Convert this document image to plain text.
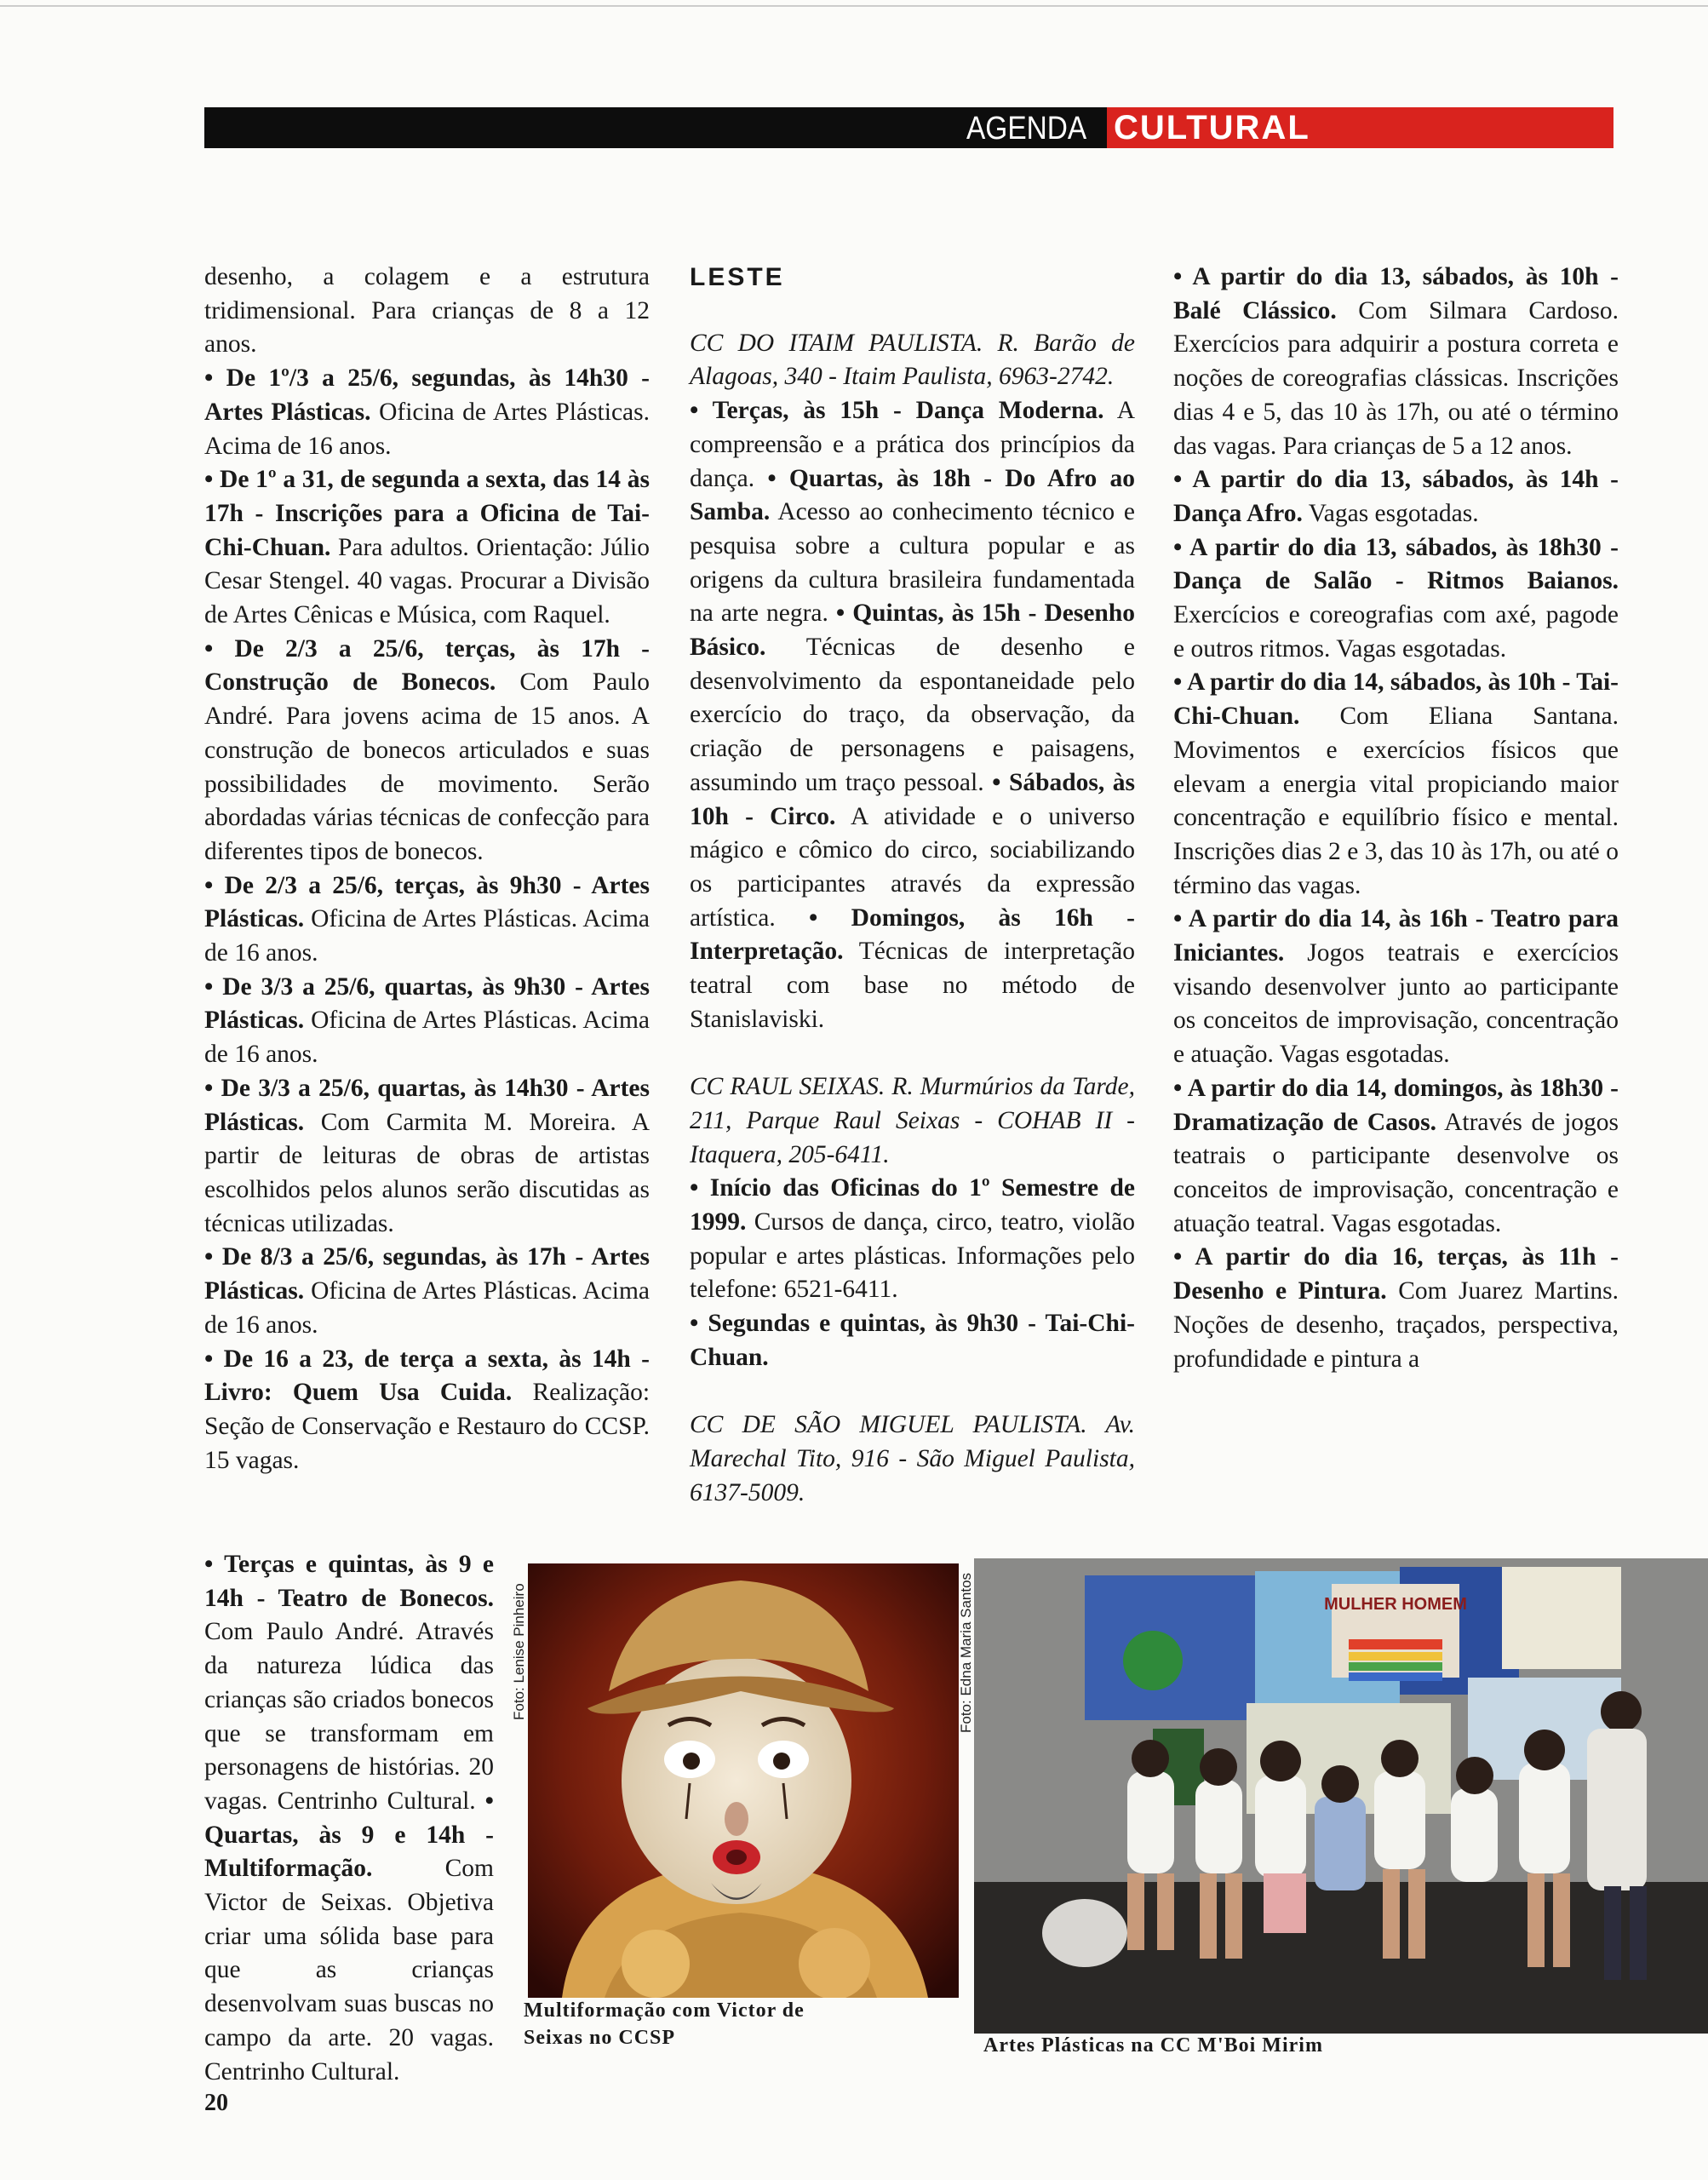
AGENDA CULTURAL

desenho, a colagem e a estrutura tridimensional. Para crianças de 8 a 12 anos.

• De 1º/3 a 25/6, segundas, às 14h30 - Artes Plásticas. Oficina de Artes Plásticas. Acima de 16 anos.

• De 1º a 31, de segunda a sexta, das 14 às 17h - Inscrições para a Oficina de Tai-Chi-Chuan. Para adultos. Orientação: Júlio Cesar Stengel. 40 vagas. Procurar a Divisão de Artes Cênicas e Música, com Raquel.

• De 2/3 a 25/6, terças, às 17h - Construção de Bonecos. Com Paulo André. Para jovens acima de 15 anos. A construção de bonecos articulados e suas possibilidades de movimento. Serão abordadas várias técnicas de confecção para diferentes tipos de bonecos.

• De 2/3 a 25/6, terças, às 9h30 - Artes Plásticas. Oficina de Artes Plásticas. Acima de 16 anos.

• De 3/3 a 25/6, quartas, às 9h30 - Artes Plásticas. Oficina de Artes Plásticas. Acima de 16 anos.

• De 3/3 a 25/6, quartas, às 14h30 - Artes Plásticas. Com Carmita M. Moreira. A partir de leituras de obras de artistas escolhidos pelos alunos serão discutidas as técnicas utilizadas.

• De 8/3 a 25/6, segundas, às 17h - Artes Plásticas. Oficina de Artes Plásticas. Acima de 16 anos.

• De 16 a 23, de terça a sexta, às 14h - Livro: Quem Usa Cuida. Realização: Seção de Conservação e Restauro do CCSP. 15 vagas.

• Terças e quintas, às 9 e 14h - Teatro de Bonecos. Com Paulo André. Através da natureza lúdica das crianças são criados bonecos que se transformam em personagens de histórias. 20 vagas. Centrinho Cultural. • Quartas, às 9 e 14h - Multiformação.	Com Victor de Seixas. Objetiva criar uma sólida base para que as crianças desenvolvam suas buscas no campo da arte. 20 vagas. Centrinho Cultural.

LESTE

CC DO ITAIM PAULISTA. R. Barão de Alagoas, 340 - Itaim Paulista, 6963-2742.

• Terças, às 15h - Dança Moderna. A compreensão e a prática dos princípios da dança. • Quartas, às 18h - Do Afro ao Samba. Acesso ao conhecimento técnico e pesquisa sobre a cultura popular e as origens da cultura brasileira fundamentada na arte negra. • Quintas, às 15h - Desenho Básico. Técnicas de desenho e desenvolvimento da espontaneidade pelo exercício do traço, da observação, da criação de personagens e paisagens, assumindo um traço pessoal. • Sábados, às 10h - Circo. A atividade e o universo mágico e cômico do circo, sociabilizando os participantes através da expressão artística. • Domingos, às 16h - Interpretação. Técnicas de interpretação teatral com base no método de Stanislaviski.

CC RAUL SEIXAS. R. Murmúrios da Tarde, 211, Parque Raul Seixas - COHAB II - Itaquera, 205-6411.

• Início das Oficinas do 1º Semestre de 1999. Cursos de dança, circo, teatro, violão popular e artes plásticas. Informações pelo telefone: 6521-6411.

• Segundas e quintas, às 9h30 - Tai-Chi-Chuan.

CC DE SÃO MIGUEL PAULISTA. Av. Marechal Tito, 916 - São Miguel Paulista, 6137-5009.

• A partir do dia 13, sábados, às 10h - Balé Clássico. Com Silmara Cardoso. Exercícios para adquirir a postura correta e noções de coreografias clássicas. Inscrições dias 4 e 5, das 10 às 17h, ou até o término das vagas. Para crianças de 5 a 12 anos.

• A partir do dia 13, sábados, às 14h - Dança Afro. Vagas esgotadas.

• A partir do dia 13, sábados, às 18h30 - Dança de Salão - Ritmos Baianos. Exercícios e coreografias com axé, pagode e outros ritmos. Vagas esgotadas.

• A partir do dia 14, sábados, às 10h - Tai-Chi-Chuan. Com Eliana Santana. Movimentos e exercícios físicos que elevam a energia vital propiciando maior concentração e equilíbrio físico e mental. Inscrições dias 2 e 3, das 10 às 17h, ou até o término das vagas.

• A partir do dia 14, às 16h - Teatro para Iniciantes. Jogos teatrais e exercícios visando desenvolver junto ao participante os conceitos de improvisação, concentração e atuação. Vagas esgotadas.

• A partir do dia 14, domingos, às 18h30 - Dramatização de Casos. Através de jogos teatrais o participante desenvolve os conceitos de improvisação, concentração e atuação teatral. Vagas esgotadas.

• A partir do dia 16, terças, às 11h - Desenho e Pintura. Com Juarez Martins. Noções de desenho, traçados, perspectiva, profundidade e pintura a

Foto: Lenise Pinheiro
Multiformação com Victor de Seixas no CCSP
MULHER HOMEM
Foto: Edna Maria Santos
Artes Plásticas na CC M'Boi Mirim
20
